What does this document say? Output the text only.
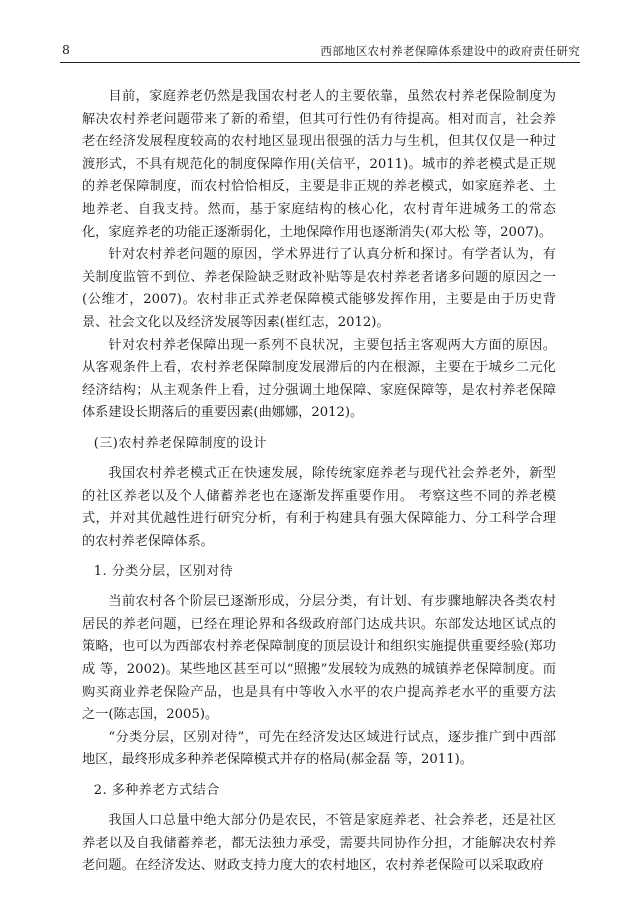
8	西部地区农村养老保障体系建设中的政府责任研究

目前，家庭养老仍然是我国农村老人的主要依靠，虽然农村养老保险制度为解决农村养老问题带来了新的希望，但其可行性仍有待提高。相对而言，社会养老在经济发展程度较高的农村地区显现出很强的活力与生机，但其仅仅是一种过渡形式，不具有规范化的制度保障作用(关信平，2011)。城市的养老模式是正规的养老保障制度，而农村恰恰相反，主要是非正规的养老模式，如家庭养老、土地养老、自我支持。然而，基于家庭结构的核心化，农村青年进城务工的常态化，家庭养老的功能正逐渐弱化，土地保障作用也逐渐消失(邓大松 等，2007)。

针对农村养老问题的原因，学术界进行了认真分析和探讨。有学者认为，有关制度监管不到位、养老保险缺乏财政补贴等是农村养老者诸多问题的原因之一(公维才，2007)。农村非正式养老保障模式能够发挥作用，主要是由于历史背景、社会文化以及经济发展等因素(崔红志，2012)。

针对农村养老保障出现一系列不良状况，主要包括主客观两大方面的原因。从客观条件上看，农村养老保障制度发展滞后的内在根源，主要在于城乡二元化经济结构；从主观条件上看，过分强调土地保障、家庭保障等，是农村养老保障体系建设长期落后的重要因素(曲娜娜，2012)。

(三)农村养老保障制度的设计

我国农村养老模式正在快速发展，除传统家庭养老与现代社会养老外，新型的社区养老以及个人储蓄养老也在逐渐发挥重要作用。 考察这些不同的养老模式，并对其优越性进行研究分析，有利于构建具有强大保障能力、分工科学合理的农村养老保障体系。

1. 分类分层，区别对待

当前农村各个阶层已逐渐形成，分层分类，有计划、有步骤地解决各类农村居民的养老问题，已经在理论界和各级政府部门达成共识。东部发达地区试点的策略，也可以为西部农村养老保障制度的顶层设计和组织实施提供重要经验(郑功成 等，2002)。某些地区甚至可以“照搬”发展较为成熟的城镇养老保障制度。而购买商业养老保险产品，也是具有中等收入水平的农户提高养老水平的重要方法之一(陈志国，2005)。

“分类分层，区别对待”，可先在经济发达区域进行试点，逐步推广到中西部地区，最终形成多种养老保障模式并存的格局(郝金磊 等，2011)。

2. 多种养老方式结合

我国人口总量中绝大部分仍是农民，不管是家庭养老、社会养老，还是社区养老以及自我储蓄养老，都无法独力承受，需要共同协作分担，才能解决农村养老问题。在经济发达、财政支持力度大的农村地区，农村养老保险可以采取政府
